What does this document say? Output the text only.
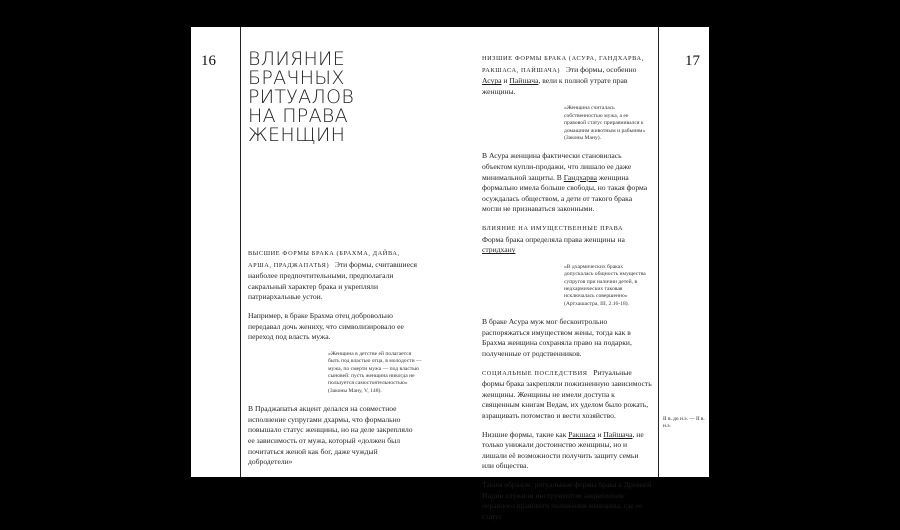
16	17
ВЛИЯНИЕ
БРАЧНЫХ
РИТУАЛОВ
НА ПРАВА
ЖЕНЩИН

ВЫСШИЕ ФОРМЫ БРАКА (БРАХМА, ДАЙВА, АРША, ПРАДЖАПАТЬЯ) Эти формы, считавшиеся наиболее предпочтительными, предполагали сакральный характер брака и укрепляли патриархальные устои.

Например, в браке Брахма отец добровольно передавал дочь жениху, что символизировало ее переход под власть мужа.

«Женщина в детстве ей полагается быть под властью отца, в молодости — мужа, по смерти мужа — под властью сыновей: пусть женщина никогда не пользуется самостоятельностью» (Законы Ману, V, 148).

В Праджапатья акцент делался на совместное исполнение супругами дхармы, что формально повышало статус женщины, но на деле закрепляло ее зависимость от мужа, который «должен был почитаться женой как бог, даже чуждый добродетели»

НИЗШИЕ ФОРМЫ БРАКА (АСУРА, ГАНДХАРВА, РАКШАСА, ПАЙШАЧА) Эти формы, особенно Асура и Пайшача, вели к полной утрате прав женщины.

«Женщина считалась собственностью мужа, а ее правовой статус приравнивался к домашним животным и рабыням» (Законы Ману).

В Асура женщина фактически становилась объектом купли-продажи, что лишало ее даже минимальной защиты. В Гандхарва женщина формально имела больше свободы, но такая форма осуждалась обществом, а дети от такого брака могли не признаваться законными.

ВЛИЯНИЕ НА ИМУЩЕСТВЕННЫЕ ПРАВА
Форма брака определяла права женщины на стридхану

«В дхармических браках допускалась общность имущества супругов при наличии детей, в недхармических таковая исключалась совершенно» (Артхашастра, III, 2.16-18).

В браке Асура муж мог бесконтрольно распоряжаться имуществом жены, тогда как в Брахма женщина сохраняла право на подарки, полученные от родственников.

СОЦИАЛЬНЫЕ ПОСЛЕДСТВИЯ Ритуальные формы брака закрепляли пожизненную зависимость женщины. Женщины не имели доступа к священным книгам Ведам, их уделом было рожать, взращивать потомство и вести хозяйство.

Низшие формы, такие как Ракшаса и Пайшача, не только унижали достоинство женщины, но и лишали её возможности получить защиту семьи или общества.

Таким образом, ритуальные формы брака в Древней Индии служили инструментом закрепления неравного правового положения женщины, где ее статус

II в. до н.э. — II в. н.э.
